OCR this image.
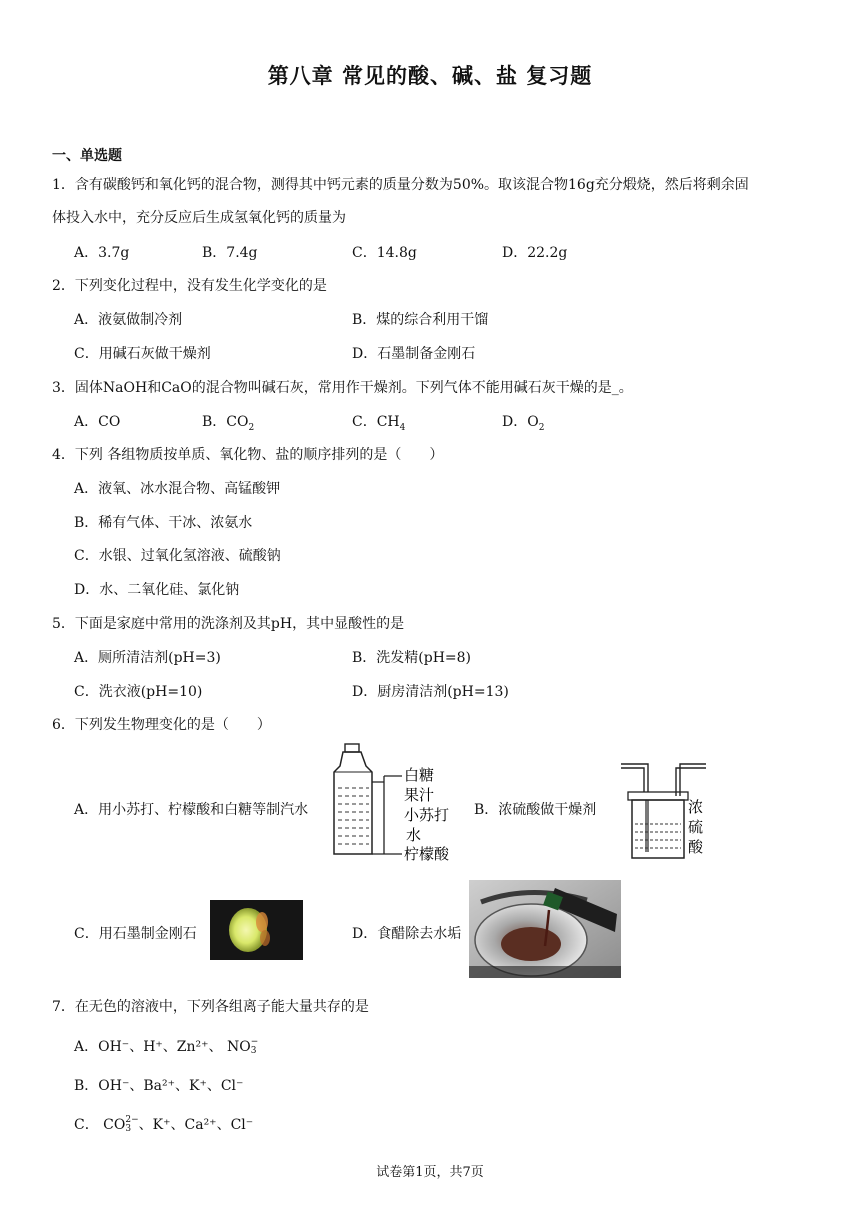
第八章 常见的酸、碱、盐 复习题
一、单选题
1．含有碳酸钙和氧化钙的混合物，测得其中钙元素的质量分数为50%。取该混合物16g充分煅烧，然后将剩余固
体投入水中，充分反应后生成氢氧化钙的质量为
A．3.7g	B．7.4g	C．14.8g	D．22.2g
2．下列变化过程中，没有发生化学变化的是
A．液氨做制冷剂	B．煤的综合利用干馏
C．用碱石灰做干燥剂	D．石墨制备金刚石
3．固体NaOH和CaO的混合物叫碱石灰，常用作干燥剂。下列气体不能用碱石灰干燥的是_。
A．CO	B．$CO_2$	C．$CH_4$	D．$O_2$
4．下列 各组物质按单质、氧化物、盐的顺序排列的是（　　）
A．液氧、冰水混合物、高锰酸钾
B．稀有气体、干冰、浓氨水
C．水银、过氧化氢溶液、硫酸钠
D．水、二氧化硅、氯化钠
5．下面是家庭中常用的洗涤剂及其pH，其中显酸性的是
A．厕所清洁剂(pH=3)	B．洗发精(pH=8)
C．洗衣液(pH=10)	D．厨房清洁剂(pH=13)
6．下列发生物理变化的是（　　）
A．用小苏打、柠檬酸和白糖等制汽水
白糖
果汁
小苏打
水
柠檬酸
B．浓硫酸做干燥剂	浓
硫
酸
C．用石墨制金刚石	D．食醋除去水垢
7．在无色的溶液中，下列各组离子能大量共存的是
A．OH⁻、H⁺、Zn²⁺、 NO−
3
B．OH⁻、Ba²⁺、K⁺、Cl⁻
C． CO2−
3 、K⁺、Ca²⁺、Cl⁻
试卷第1页，共7页
